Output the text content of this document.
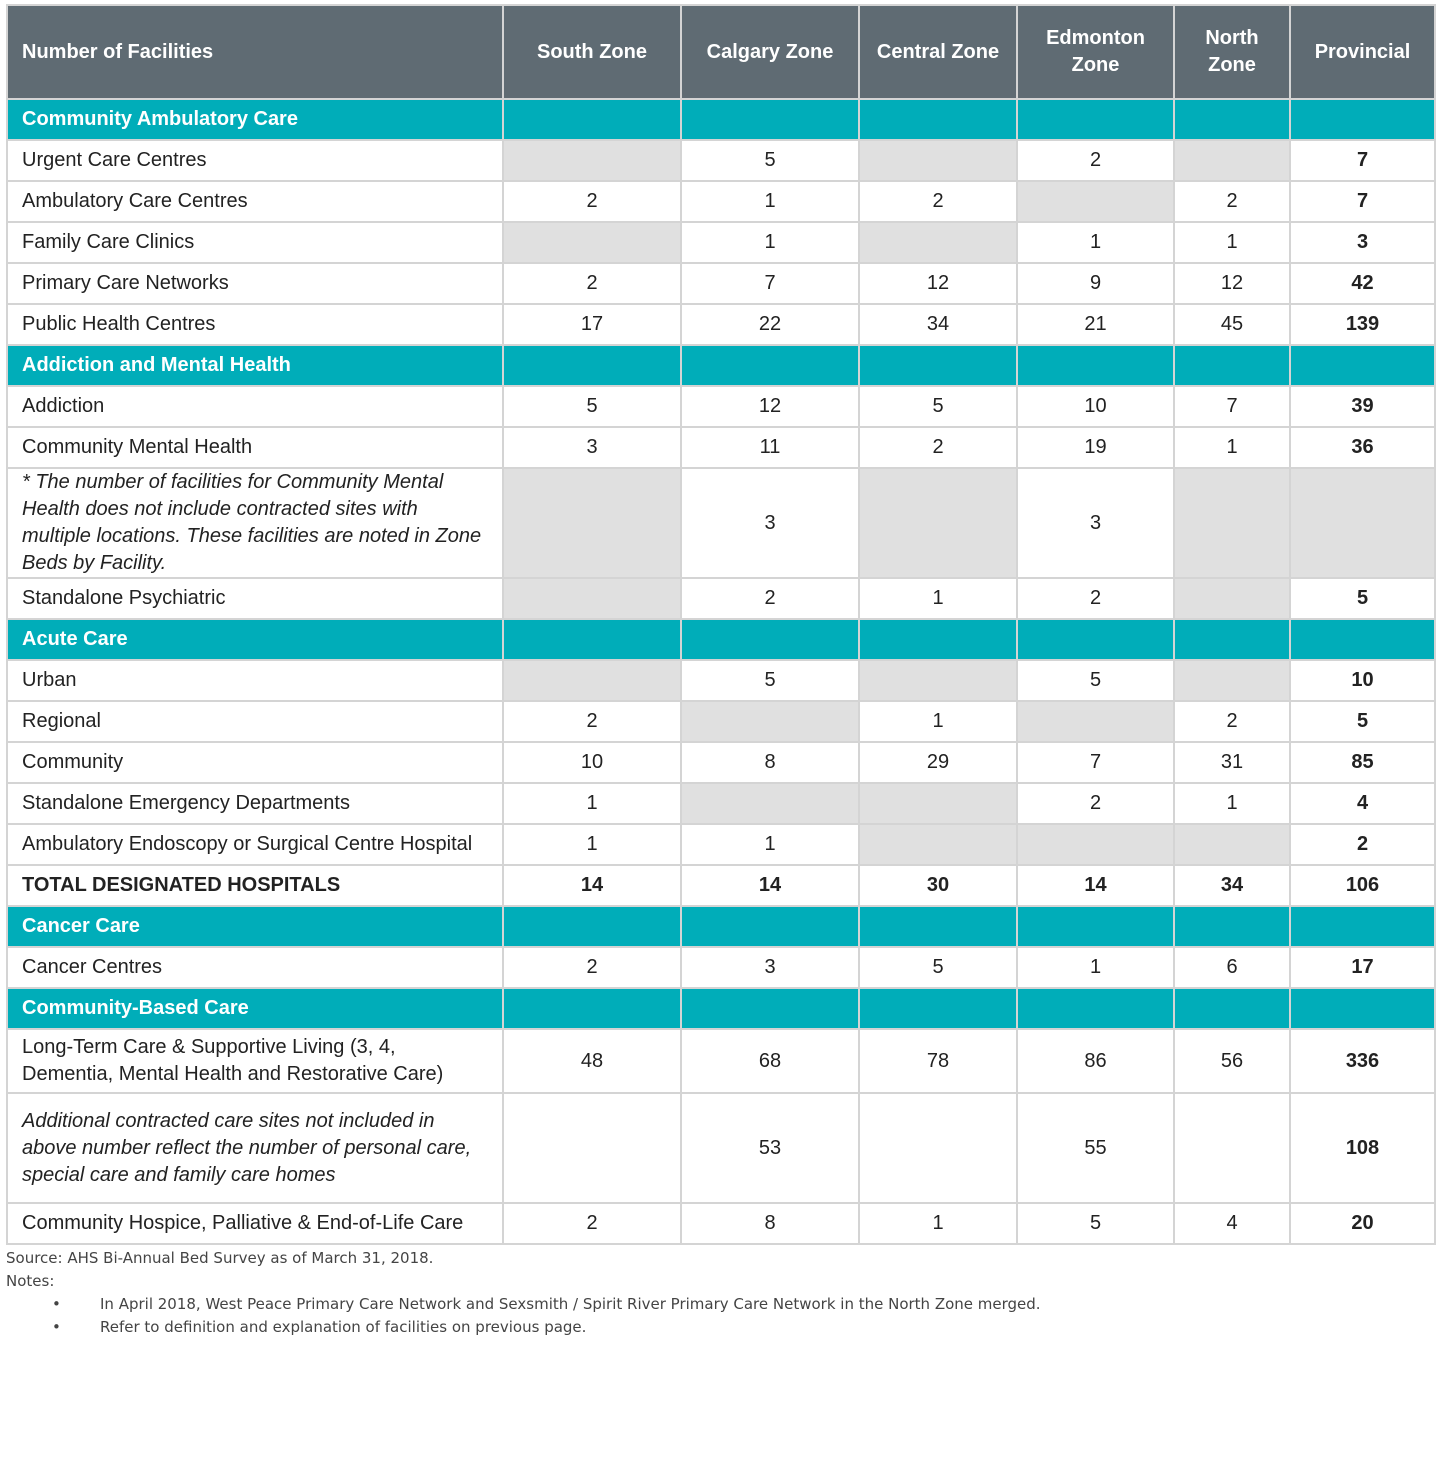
Number of Facilities	South Zone	Calgary Zone	Central Zone	Edmonton Zone	North Zone	Provincial
Community Ambulatory Care						
Urgent Care Centres		5		2		7
Ambulatory Care Centres	2	1	2		2	7
Family Care Clinics		1		1	1	3
Primary Care Networks	2	7	12	9	12	42
Public Health Centres	17	22	34	21	45	139
Addiction and Mental Health						
Addiction	5	12	5	10	7	39
Community Mental Health	3	11	2	19	1	36
* The number of facilities for Community Mental Health does not include contracted sites with multiple locations. These facilities are noted in Zone Beds by Facility.		3		3		
Standalone Psychiatric		2	1	2		5
Acute Care						
Urban		5		5		10
Regional	2		1		2	5
Community	10	8	29	7	31	85
Standalone Emergency Departments	1			2	1	4
Ambulatory Endoscopy or Surgical Centre Hospital	1	1				2
TOTAL DESIGNATED HOSPITALS	14	14	30	14	34	106
Cancer Care						
Cancer Centres	2	3	5	1	6	17
Community-Based Care						
Long-Term Care & Supportive Living (3, 4, Dementia, Mental Health and Restorative Care)	48	68	78	86	56	336
Additional contracted care sites not included in above number reflect the number of personal care, special care and family care homes		53		55		108
Community Hospice, Palliative & End-of-Life Care	2	8	1	5	4	20
Source: AHS Bi-Annual Bed Survey as of March 31, 2018.
Notes:
•	In April 2018, West Peace Primary Care Network and Sexsmith / Spirit River Primary Care Network in the North Zone merged.
•	Refer to definition and explanation of facilities on previous page.
